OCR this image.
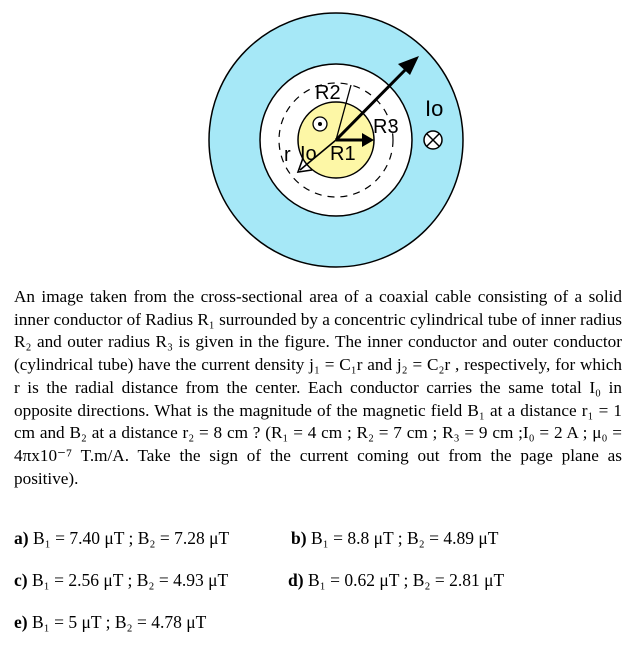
R2
R3
R1
r Io
Io
An image taken from the cross-sectional area of a coaxial cable consisting of a solid inner conductor of Radius R₁ surrounded by a concentric cylindrical tube of inner radius R₂ and outer radius R₃ is given in the figure. The inner conductor and outer conductor (cylindrical tube) have the current density j₁ = C₁r and j₂ = C₂r , respectively, for which r is the radial distance from the center. Each conductor carries the same total I₀ in opposite directions. What is the magnitude of the magnetic field B₁ at a distance r₁ = 1 cm and B₂ at a distance r₂ = 8 cm ? (R₁ = 4 cm ; R₂ = 7 cm ; R₃ = 9 cm ;I₀ = 2 A ; μ₀ = 4πx10⁻⁷ T.m/A. Take the sign of the current coming out from the page plane as positive).
a) B₁ = 7.40 μT ; B₂ = 7.28 μT	b) B₁ = 8.8 μT ; B₂ = 4.89 μT
c) B₁ = 2.56 μT ; B₂ = 4.93 μT	d) B₁ = 0.62 μT ; B₂ = 2.81 μT
e) B₁ = 5 μT ; B₂ = 4.78 μT
